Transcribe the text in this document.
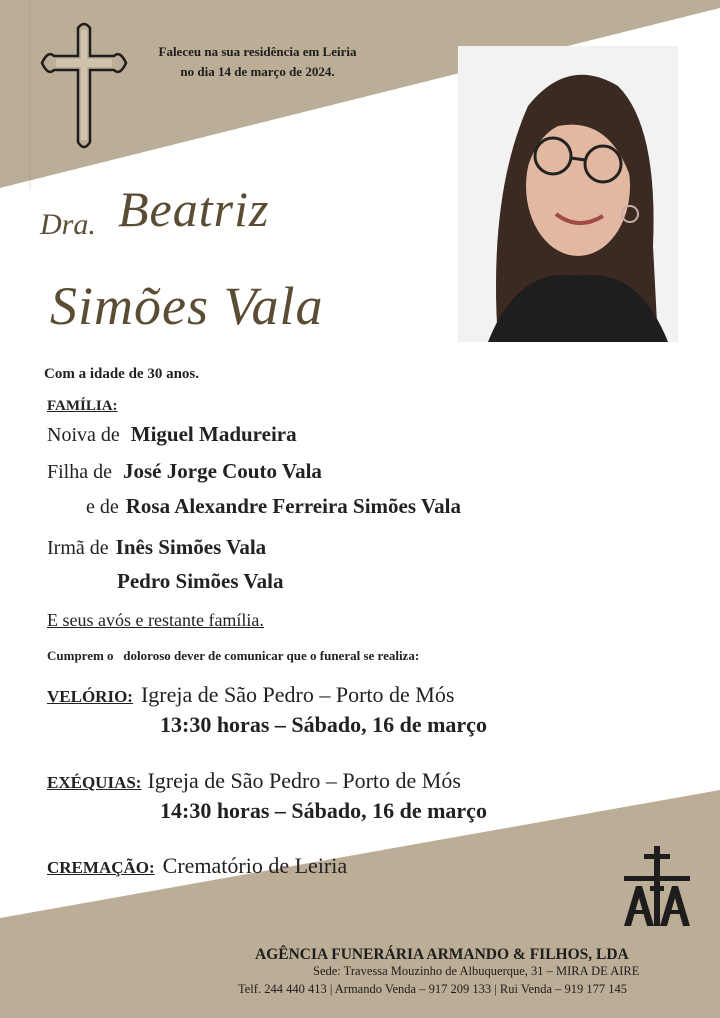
Faleceu na sua residência em Leiria
no dia 14 de março de 2024.
Dra. Beatriz
Simões Vala
Com a idade de 30 anos.
FAMÍLIA:
Noiva de Miguel Madureira
Filha de José Jorge Couto Vala
e de Rosa Alexandre Ferreira Simões Vala
Irmã de Inês Simões Vala
Pedro Simões Vala
E seus avós e restante família.
Cumprem o   doloroso dever de comunicar que o funeral se realiza:
VELÓRIO: Igreja de São Pedro – Porto de Mós
13:30 horas – Sábado, 16 de março
EXÉQUIAS: Igreja de São Pedro – Porto de Mós
14:30 horas – Sábado, 16 de março
CREMAÇÃO: Crematório de Leiria
AGÊNCIA FUNERÁRIA ARMANDO & FILHOS, LDA
Sede: Travessa Mouzinho de Albuquerque, 31 – MIRA DE AIRE
Telf. 244 440 413 | Armando Venda – 917 209 133 | Rui Venda – 919 177 145
